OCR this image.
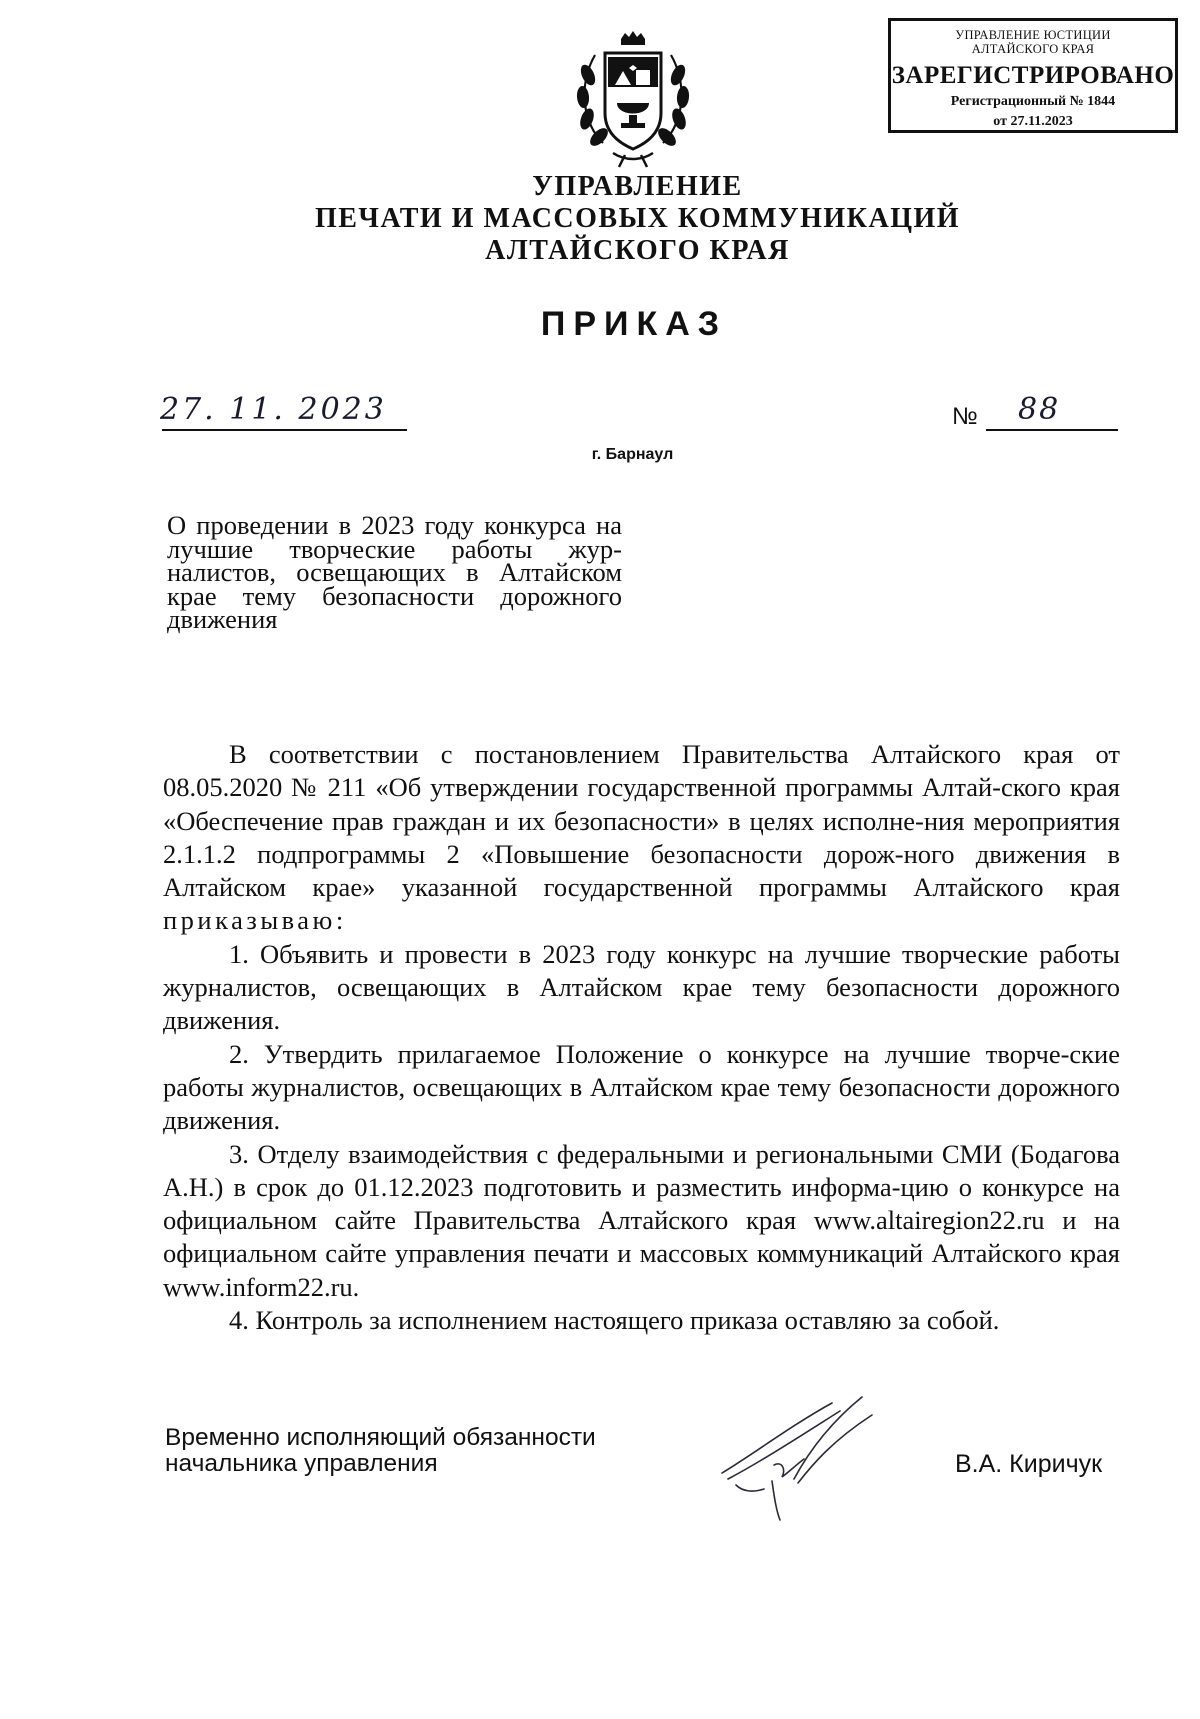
УПРАВЛЕНИЕ ЮСТИЦИИ
АЛТАЙСКОГО КРАЯ
ЗАРЕГИСТРИРОВАНО
Регистрационный № 1844
от 27.11.2023
УПРАВЛЕНИЕ
ПЕЧАТИ И МАССОВЫХ КОММУНИКАЦИЙ
АЛТАЙСКОГО КРАЯ
ПРИКАЗ
27. 11. 2023	№ 88
г. Барнаул
О проведении в 2023 году конкурса на лучшие творческие работы жур-налистов, освещающих в Алтайском крае тему безопасности дорожного движения

В соответствии с постановлением Правительства Алтайского края от 08.05.2020 № 211 «Об утверждении государственной программы Алтай-ского края «Обеспечение прав граждан и их безопасности» в целях исполне-ния мероприятия 2.1.1.2 подпрограммы 2 «Повышение безопасности дорож-ного движения в Алтайском крае» указанной государственной программы Алтайского края приказываю:

1. Объявить и провести в 2023 году конкурс на лучшие творческие работы журналистов, освещающих в Алтайском крае тему безопасности дорожного движения.

2. Утвердить прилагаемое Положение о конкурсе на лучшие творче-ские работы журналистов, освещающих в Алтайском крае тему безопасности дорожного движения.

3. Отделу взаимодействия с федеральными и региональными СМИ (Бодагова А.Н.) в срок до 01.12.2023 подготовить и разместить информа-цию о конкурсе на официальном сайте Правительства Алтайского края www.altairegion22.ru и на официальном сайте управления печати и массовых коммуникаций Алтайского края www.inform22.ru.

4. Контроль за исполнением настоящего приказа оставляю за собой.

Временно исполняющий обязанности
начальника управления	В.А. Киричук
